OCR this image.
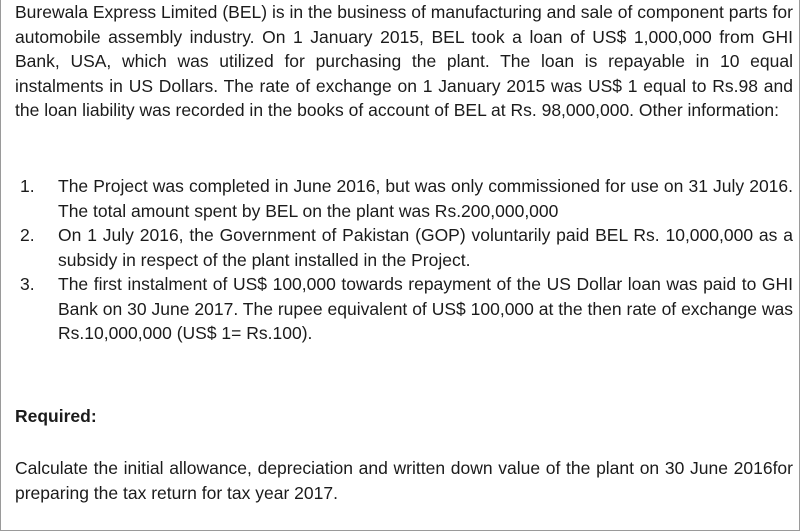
Burewala Express Limited (BEL) is in the business of manufacturing and sale of component parts for automobile assembly industry. On 1 January 2015, BEL took a loan of US$ 1,000,000 from GHI Bank, USA, which was utilized for purchasing the plant. The loan is repayable in 10 equal instalments in US Dollars. The rate of exchange on 1 January 2015 was US$ 1 equal to Rs.98 and the loan liability was recorded in the books of account of BEL at Rs. 98,000,000. Other information:

1. The Project was completed in June 2016, but was only commissioned for use on 31 July 2016. The total amount spent by BEL on the plant was Rs.200,000,000
2. On 1 July 2016, the Government of Pakistan (GOP) voluntarily paid BEL Rs. 10,000,000 as a subsidy in respect of the plant installed in the Project.
3. The first instalment of US$ 100,000 towards repayment of the US Dollar loan was paid to GHI Bank on 30 June 2017. The rupee equivalent of US$ 100,000 at the then rate of exchange was Rs.10,000,000 (US$ 1= Rs.100).

Required:

Calculate the initial allowance, depreciation and written down value of the plant on 30 June 2016for preparing the tax return for tax year 2017.
